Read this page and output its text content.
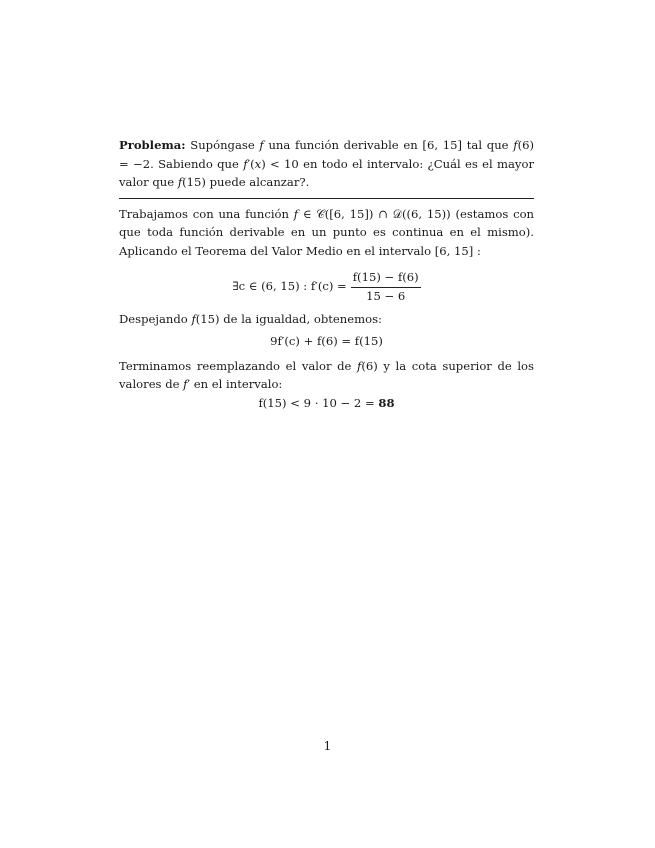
Problema: Supóngase f una función derivable en [6, 15] tal que f(6) = −2. Sabiendo que f′(x) < 10 en todo el intervalo: ¿Cuál es el mayor valor que f(15) puede alcanzar?.

Trabajamos con una función f ∈ 𝒞([6, 15]) ∩ 𝒟((6, 15)) (estamos con que toda función derivable en un punto es continua en el mismo). Aplicando el Teorema del Valor Medio en el intervalo [6, 15] :

∃c ∈ (6, 15) : $f'(c) = \frac{f(15) - f(6)}{15 - 6}$

Despejando f(15) de la igualdad, obtenemos:

9f′(c) + f(6) = f(15)

Terminamos reemplazando el valor de f(6) y la cota superior de los valores de f′ en el intervalo:

f(15) < 9 · 10 − 2 = 88

1
